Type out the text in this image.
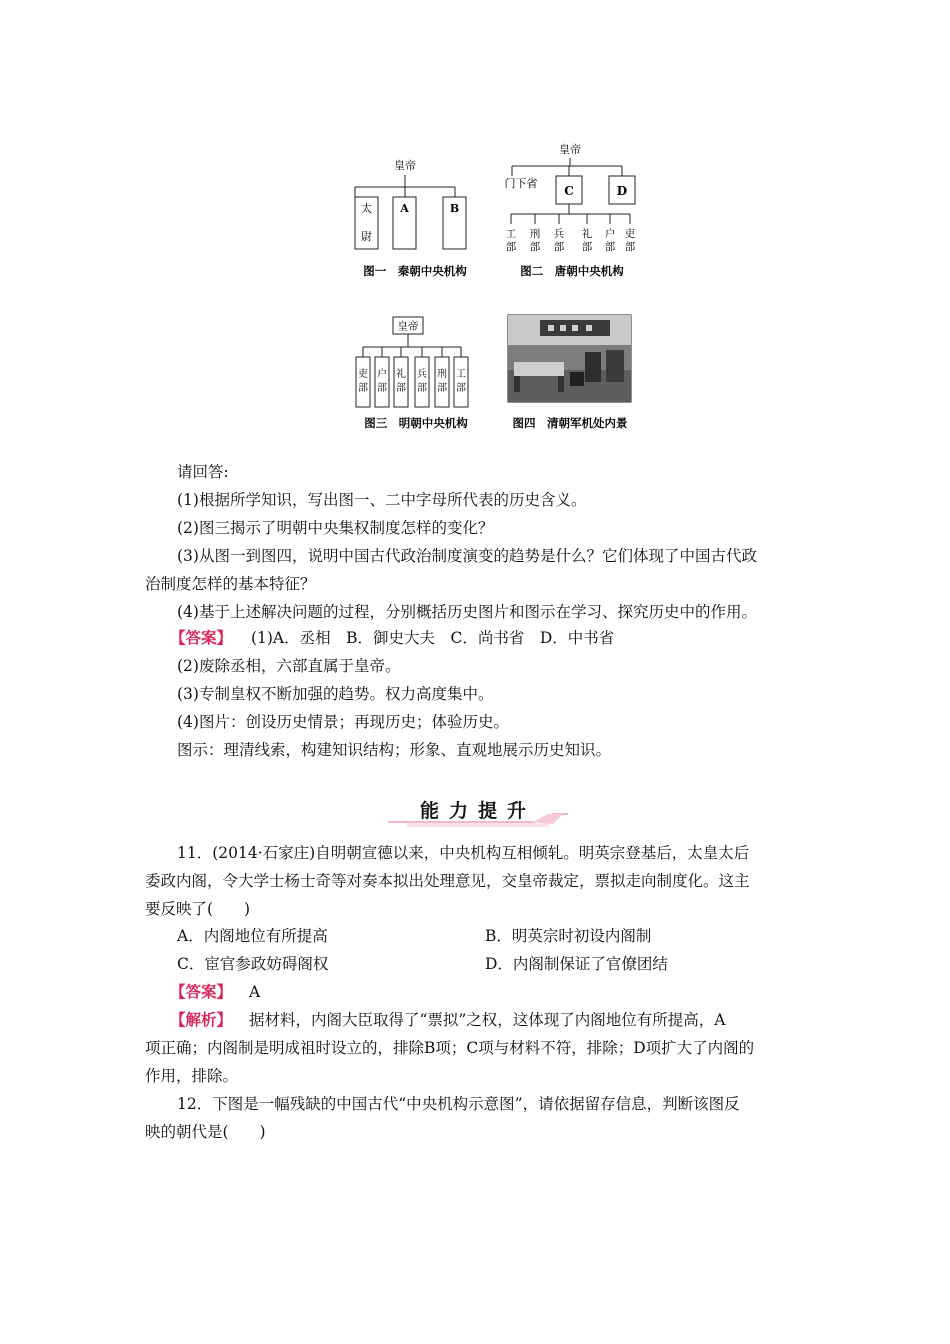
皇帝
太
尉
A	B
图一　秦朝中央机构
皇帝
门下省
C	D
工
部
刑
部
兵
部
礼
部
户
部
吏
部
图二　唐朝中央机构
皇帝
吏
部
户
部
礼
部
兵
部
刑
部
工
部
图三　明朝中央机构	图四　清朝军机处内景
请回答:
(1)根据所学知识，写出图一、二中字母所代表的历史含义。
(2)图三揭示了明朝中央集权制度怎样的变化？
(3)从图一到图四，说明中国古代政治制度演变的趋势是什么？它们体现了中国古代政
治制度怎样的基本特征？
(4)基于上述解决问题的过程，分别概括历史图片和图示在学习、探究历史中的作用。
【答案】 (1)A．丞相　B．御史大夫　C．尚书省　D．中书省
(2)废除丞相，六部直属于皇帝。
(3)专制皇权不断加强的趋势。权力高度集中。
(4)图片：创设历史情景；再现历史；体验历史。
图示：理清线索，构建知识结构；形象、直观地展示历史知识。
能力提升
11．(2014·石家庄)自明朝宣德以来，中央机构互相倾轧。明英宗登基后，太皇太后
委政内阁，令大学士杨士奇等对奏本拟出处理意见，交皇帝裁定，票拟走向制度化。这主
要反映了(　　)
A．内阁地位有所提高	B．明英宗时初设内阁制
C．宦官参政妨碍阁权	D．内阁制保证了官僚团结
【答案】 A
【解析】 据材料，内阁大臣取得了“票拟”之权，这体现了内阁地位有所提高，A
项正确；内阁制是明成祖时设立的，排除B项；C项与材料不符，排除；D项扩大了内阁的
作用，排除。
12．下图是一幅残缺的中国古代“中央机构示意图”，请依据留存信息，判断该图反
映的朝代是(　　)
